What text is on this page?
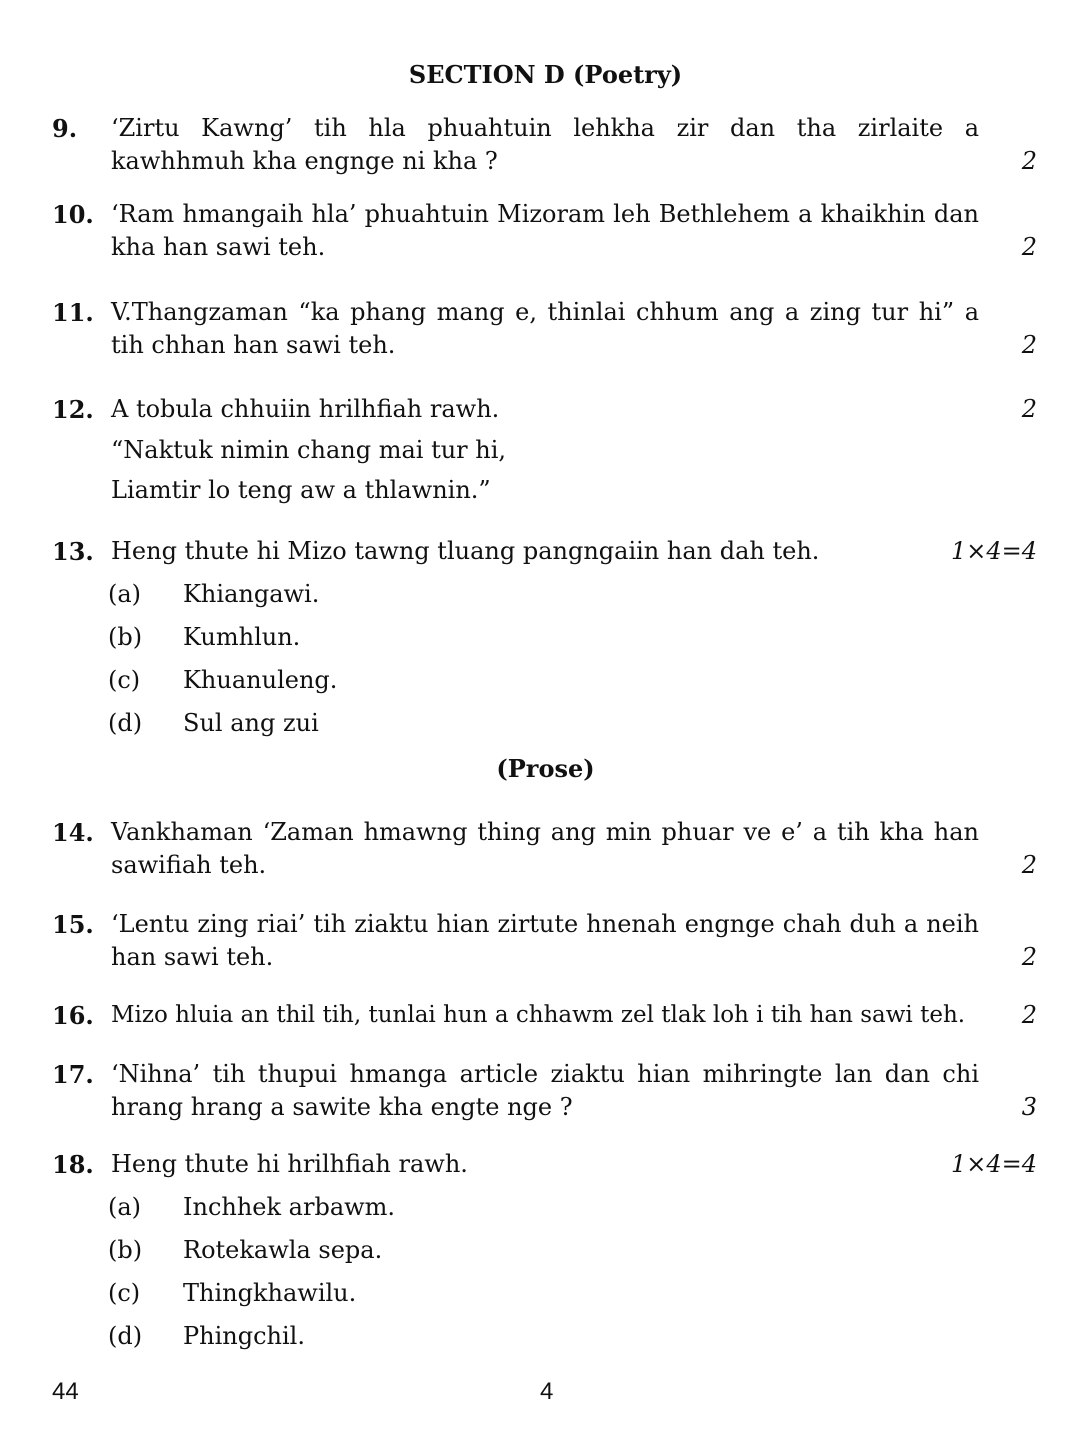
SECTION D (Poetry)
9. ‘Zirtu Kawng’ tih hla phuahtuin lehkha zir dan tha zirlaite a kawhhmuh kha engnge ni kha ?	2
10. ‘Ram hmangaih hla’ phuahtuin Mizoram leh Bethlehem a khaikhin dan kha han sawi teh.	2
11. V.Thangzaman “ka phang mang e, thinlai chhum ang a zing tur hi” a tih chhan han sawi teh.	2
12. A tobula chhuiin hrilhfiah rawh.	2
“Naktuk nimin chang mai tur hi,
Liamtir lo teng aw a thlawnin.”
13. Heng thute hi Mizo tawng tluang pangngaiin han dah teh.	1×4=4
(a) Khiangawi.
(b) Kumhlun.
(c) Khuanuleng.
(d) Sul ang zui
(Prose)
14. Vankhaman ‘Zaman hmawng thing ang min phuar ve e’ a tih kha han sawifiah teh.	2
15. ‘Lentu zing riai’ tih ziaktu hian zirtute hnenah engnge chah duh a neih han sawi teh.	2
16. Mizo hluia an thil tih, tunlai hun a chhawm zel tlak loh i tih han sawi teh. 2
17. ‘Nihna’ tih thupui hmanga article ziaktu hian mihringte lan dan chi hrang hrang a sawite kha engte nge ?	3
18. Heng thute hi hrilhfiah rawh.	1×4=4
(a) Inchhek arbawm.
(b) Rotekawla sepa.
(c) Thingkhawilu.
(d) Phingchil.
44	4
